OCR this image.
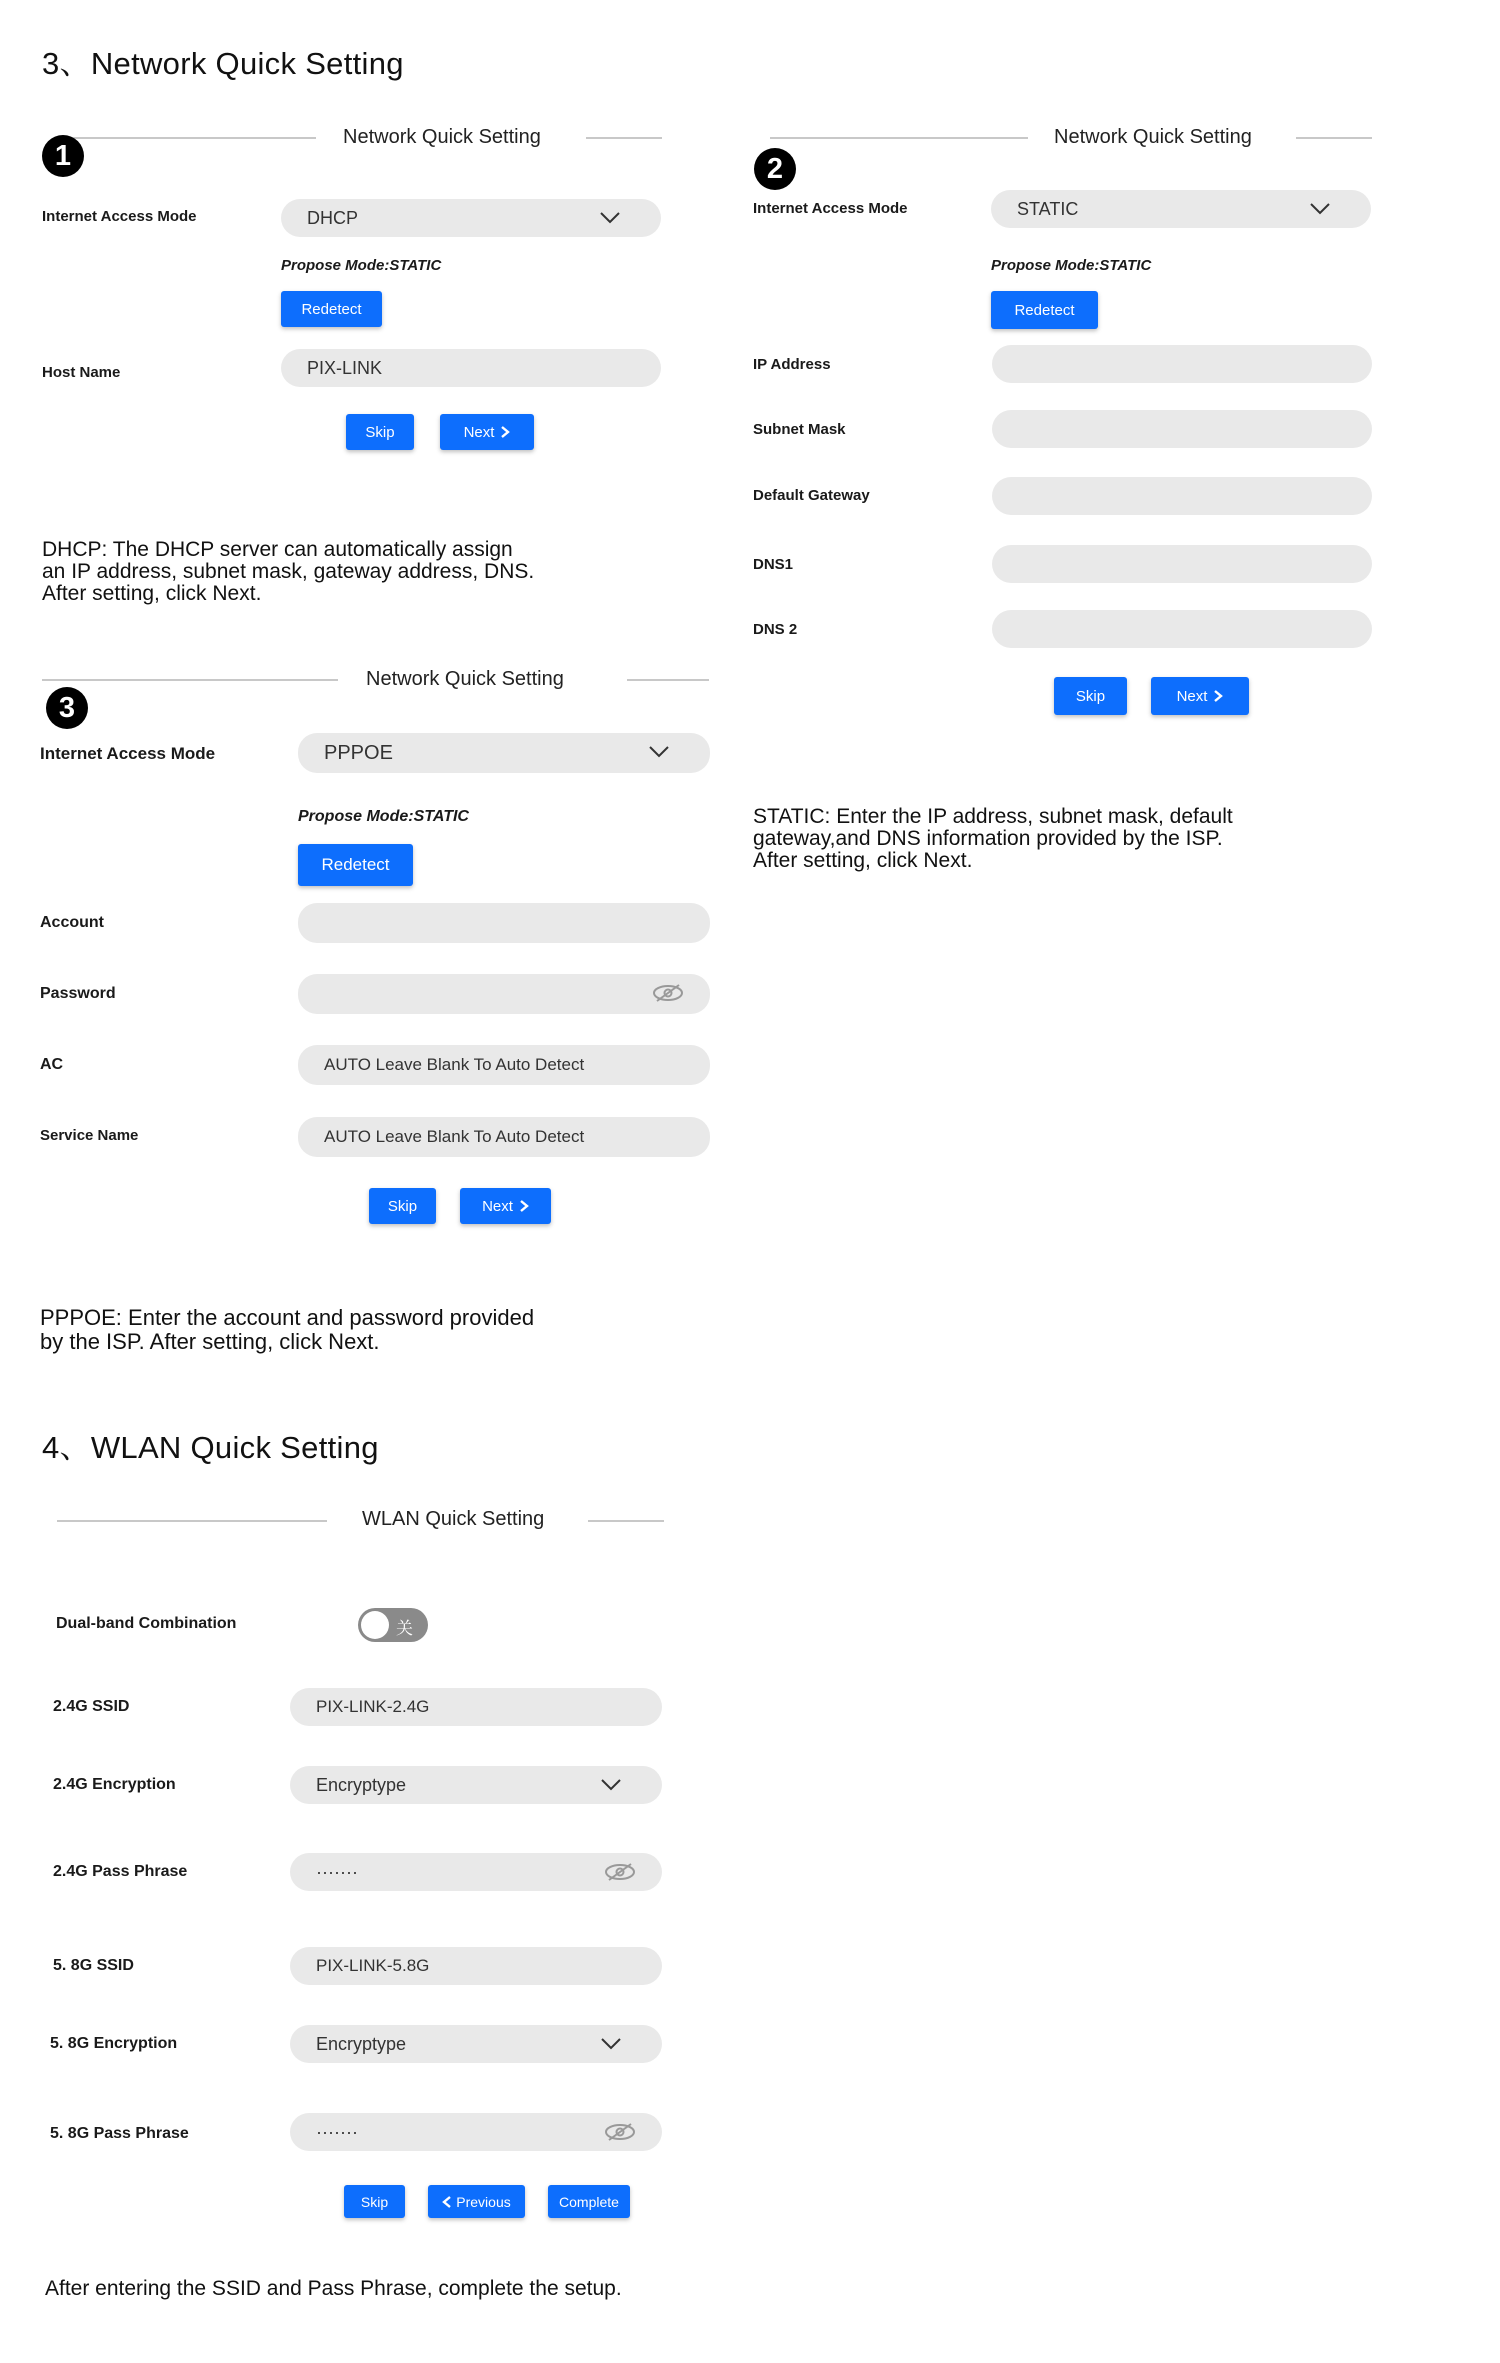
3、Network Quick Setting
Network Quick Setting
1
Internet Access Mode	DHCP
Propose Mode:STATIC
Redetect
Host Name	PIX-LINK
Skip	Next
DHCP: The DHCP server can automatically assign
an IP address, subnet mask, gateway address, DNS.
After setting, click Next.
Network Quick Setting
2
Internet Access Mode	STATIC
Propose Mode:STATIC
Redetect
IP Address
Subnet Mask
Default Gateway
DNS1
DNS 2
Skip	Next
STATIC: Enter the IP address, subnet mask, default
gateway,and DNS information provided by the ISP.
After setting, click Next.
Network Quick Setting
3
Internet Access Mode	PPPOE
Propose Mode:STATIC
Redetect
Account
Password
AC	AUTO Leave Blank To Auto Detect
Service Name	AUTO Leave Blank To Auto Detect
Skip	Next
PPPOE: Enter the account and password provided
by the ISP. After setting, click Next.
4、WLAN Quick Setting
WLAN Quick Setting
Dual-band Combination	关
2.4G SSID	PIX-LINK-2.4G
2.4G Encryption	Encryptype
2.4G Pass Phrase	·······
5. 8G SSID	PIX-LINK-5.8G
5. 8G Encryption	Encryptype
5. 8G Pass Phrase	·······
Skip	Previous	Complete
After entering the SSID and Pass Phrase, complete the setup.
